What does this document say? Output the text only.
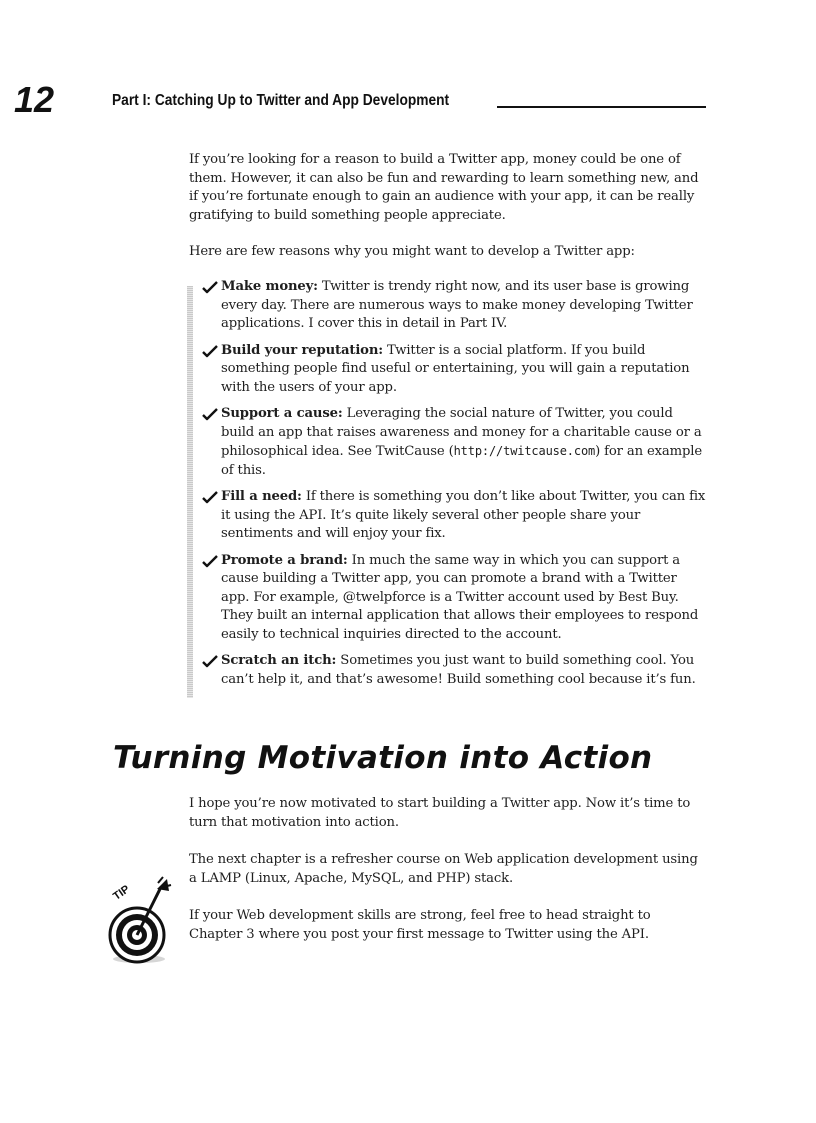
12	Part I: Catching Up to Twitter and App Development

If you’re looking for a reason to build a Twitter app, money could be one of them. However, it can also be fun and rewarding to learn something new, and if you’re fortunate enough to gain an audience with your app, it can be really gratifying to build something people appreciate.

Here are few reasons why you might want to develop a Twitter app:

Make money: Twitter is trendy right now, and its user base is growing every day. There are numerous ways to make money developing Twitter applications. I cover this in detail in Part IV.
Build your reputation: Twitter is a social platform. If you build something people find useful or entertaining, you will gain a reputation with the users of your app.
Support a cause: Leveraging the social nature of Twitter, you could build an app that raises awareness and money for a charitable cause or a philosophical idea. See TwitCause (http://twitcause.com) for an example of this.
Fill a need: If there is something you don’t like about Twitter, you can fix it using the API. It’s quite likely several other people share your sentiments and will enjoy your fix.
Promote a brand: In much the same way in which you can support a cause building a Twitter app, you can promote a brand with a Twitter app. For example, @twelpforce is a Twitter account used by Best Buy. They built an internal application that allows their employees to respond easily to technical inquiries directed to the account.
Scratch an itch: Sometimes you just want to build something cool. You can’t help it, and that’s awesome! Build something cool because it’s fun.
Turning Motivation into Action

I hope you’re now motivated to start building a Twitter app. Now it’s time to turn that motivation into action.

The next chapter is a refresher course on Web application development using a LAMP (Linux, Apache, MySQL, and PHP) stack.

TIP

If your Web development skills are strong, feel free to head straight to Chapter 3 where you post your first message to Twitter using the API.
